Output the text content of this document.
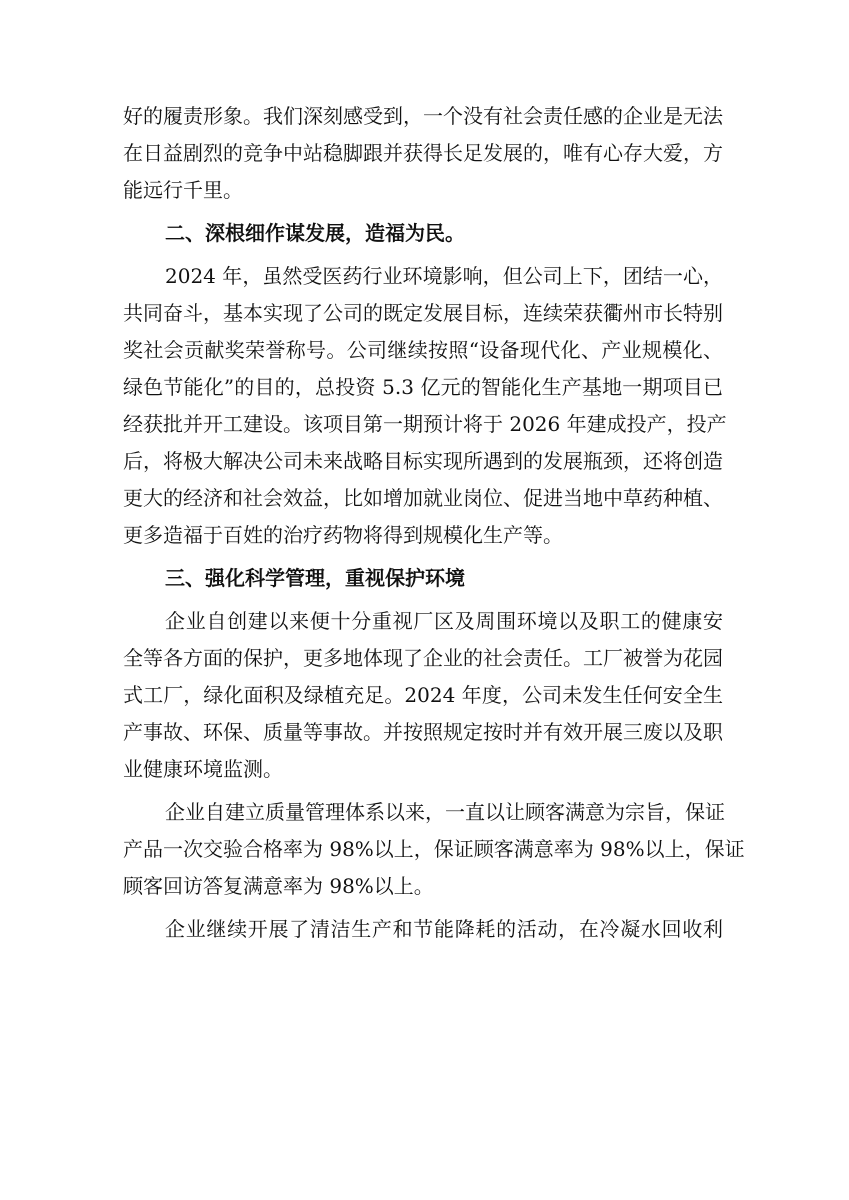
好的履责形象。我们深刻感受到，一个没有社会责任感的企业是无法
在日益剧烈的竞争中站稳脚跟并获得长足发展的，唯有心存大爱，方
能远行千里。
二、深根细作谋发展，造福为民。
2024 年，虽然受医药行业环境影响，但公司上下，团结一心，
共同奋斗，基本实现了公司的既定发展目标，连续荣获衢州市长特别
奖社会贡献奖荣誉称号。公司继续按照“设备现代化、产业规模化、
绿色节能化”的目的，总投资 5.3 亿元的智能化生产基地一期项目已
经获批并开工建设。该项目第一期预计将于 2026 年建成投产，投产
后，将极大解决公司未来战略目标实现所遇到的发展瓶颈，还将创造
更大的经济和社会效益，比如增加就业岗位、促进当地中草药种植、
更多造福于百姓的治疗药物将得到规模化生产等。
三、强化科学管理，重视保护环境
企业自创建以来便十分重视厂区及周围环境以及职工的健康安
全等各方面的保护，更多地体现了企业的社会责任。工厂被誉为花园
式工厂，绿化面积及绿植充足。2024 年度，公司未发生任何安全生
产事故、环保、质量等事故。并按照规定按时并有效开展三废以及职
业健康环境监测。
企业自建立质量管理体系以来，一直以让顾客满意为宗旨，保证
产品一次交验合格率为 98%以上，保证顾客满意率为 98%以上，保证
顾客回访答复满意率为 98%以上。
企业继续开展了清洁生产和节能降耗的活动，在冷凝水回收利
